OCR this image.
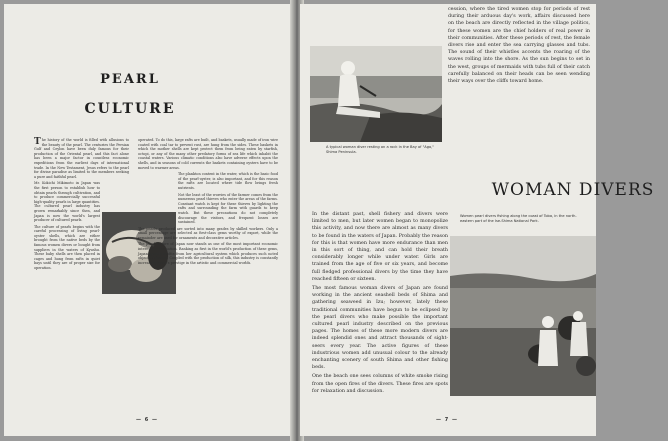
PEARL
CULTURE

T he history of the world is filled with allusions to the beauty of the pearl. The centuries the Persian Gulf and Ceylon have been duly famous for their production of the Oriental pearl, and this fact alone has been a major factor in countless economic expeditions from the earliest days of international trade. In the New Testament, Jesus refers to the pearl for divine paradise as limited to the members seeking a pure and faithful pearl.

Mr. Kokichi Mikimoto in Japan was the first person to establish how to obtain pearls through cultivation, and to produce commercially successful high-quality pearls in large quantities. The cultured pearl industry has grown remarkably since then, and Japan is now the world's largest producer of cultured pearls.

The culture of pearls begins with the careful processing of living pearl-oyster shells, which are either brought from the native beds by the famous women divers or bought from suppliers in the waters of Kyushu. These baby shells are then placed in cages and hung from rafts in quiet bays until they are of proper size for operation.

operated. To do this, large rafts are built, and baskets, usually made of iron wire coated with coal tar to prevent rust, are hung from the sides. These baskets in which the mother shells are kept protect them from being eaten by starfish, octopi, or any of the many other predatory forms of sea life which inhabit the coastal waters. Various climatic conditions also have adverse effects upon the shells, and in seasons of cold currents the baskets containing oysters have to be moved to warmer areas.

The plankton content in the water, which is the basic food of the pearl-oyster, is also important, and for this reason the rafts are located where tide flow brings fresh nutrients.

Not the least of the worries of the farmer comes from the numerous pearl thieves who enter the areas of the farms. Constant watch is kept for these thieves by lighting the rafts and surrounding the farm with guards to keep watch. But these precautions do not completely discourage the visitors, and frequent losses are sustained.

The pearls produced are sorted into many grades by skilled workers. Only a small percentage are selected as first-class gems worthy of export, while the remainder are used for ornaments and decorative articles.

The pearl culture of Japan now stands as one of the most important economic interests of the nation. Ranking as first in the world's production of these gems, Japan greatly profits from her agricultural system which produces such noted objects of beauty. Coupled with the production of silk, this industry is constantly increasing Japan's prestige in the artistic and commercial worlds.

— 6 —
A typical woman diver resting on a rock in the Bay of "Ago," Shima Peninsula.
cession, where the tired women stop for periods of rest during their arduous day's work, affairs discussed here on the beach are directly reflected in the village politics, for these women are the chief holders of real power in their communities. After these periods of rest, the female divers rise and enter the sea carrying glasses and tubs. The sound of their whistles accents the roaring of the waves rolling into the shore. As the sun begins to set in the west, groups of mermaids with tubs full of their catch carefully balanced on their heads can be seen wending their ways over the cliffs toward home.
WOMAN DIVERS

In the distant past, shell fishery and divers were limited to men, but later women began to monopolize this activity, and now there are almost as many divers to be found in the waters of Japan. Probably the reason for this is that women have more endurance than men in this sort of thing, and can hold their breath considerably longer while under water. Girls are trained from the age of five or six years, and become full fledged professional divers by the time they have reached fifteen or sixteen.

The most famous woman divers of Japan are found working in the ancient seashell beds of Shima and gathering seaweed in Izu; however, lately these traditional communities have begun to be eclipsed by the pearl divers who make possible the important cultured pearl industry described on the previous pages. The homes of these more modern divers are indeed splendid ones and attract thousands of sight-seers every year. The active figures of these industrious women add unusual colour to the already enchanting scenery of south Shima and other fishing beds.

One the beach one sees columns of white smoke rising from the open fires of the divers. These fires are spots for relaxation and discussion.

Women pearl divers fishing along the coast of Toba, in the north-eastern part of the Ise-Shima National Park.
— 7 —
